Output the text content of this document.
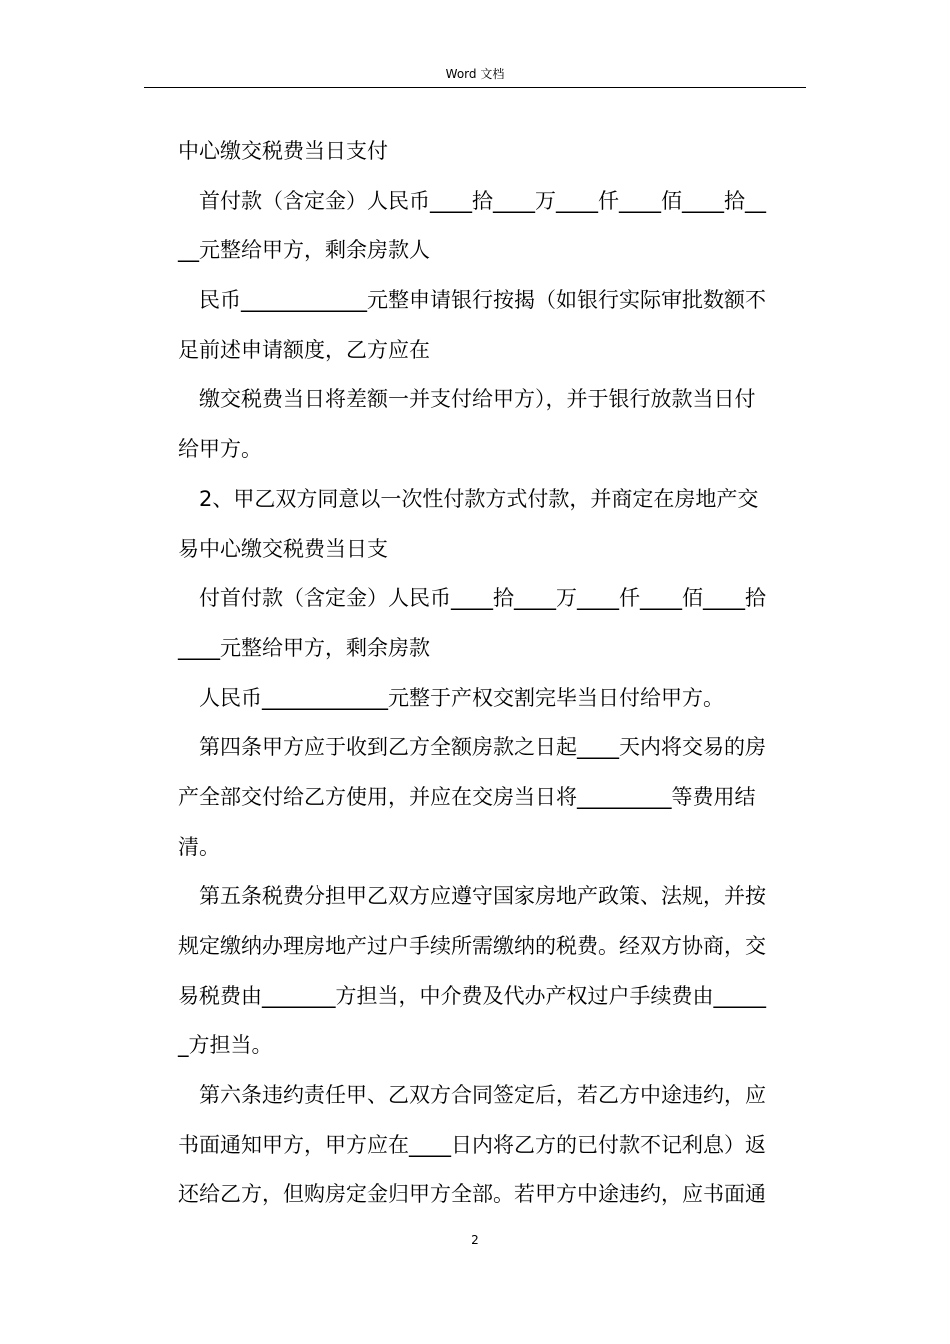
Word 文档
中心缴交税费当日支付
首付款（含定金）人民币____拾____万____仟____佰____拾__
__元整给甲方，剩余房款人
民币____________元整申请银行按揭（如银行实际审批数额不
足前述申请额度，乙方应在
缴交税费当日将差额一并支付给甲方），并于银行放款当日付
给甲方。
2、甲乙双方同意以一次性付款方式付款，并商定在房地产交
易中心缴交税费当日支
付首付款（含定金）人民币____拾____万____仟____佰____拾
____元整给甲方，剩余房款
人民币____________元整于产权交割完毕当日付给甲方。
第四条甲方应于收到乙方全额房款之日起____天内将交易的房
产全部交付给乙方使用，并应在交房当日将_________等费用结
清。
第五条税费分担甲乙双方应遵守国家房地产政策、法规，并按
规定缴纳办理房地产过户手续所需缴纳的税费。经双方协商，交
易税费由_______方担当，中介费及代办产权过户手续费由_____
_方担当。
第六条违约责任甲、乙双方合同签定后，若乙方中途违约，应
书面通知甲方，甲方应在____日内将乙方的已付款不记利息）返
还给乙方，但购房定金归甲方全部。若甲方中途违约，应书面通
2
